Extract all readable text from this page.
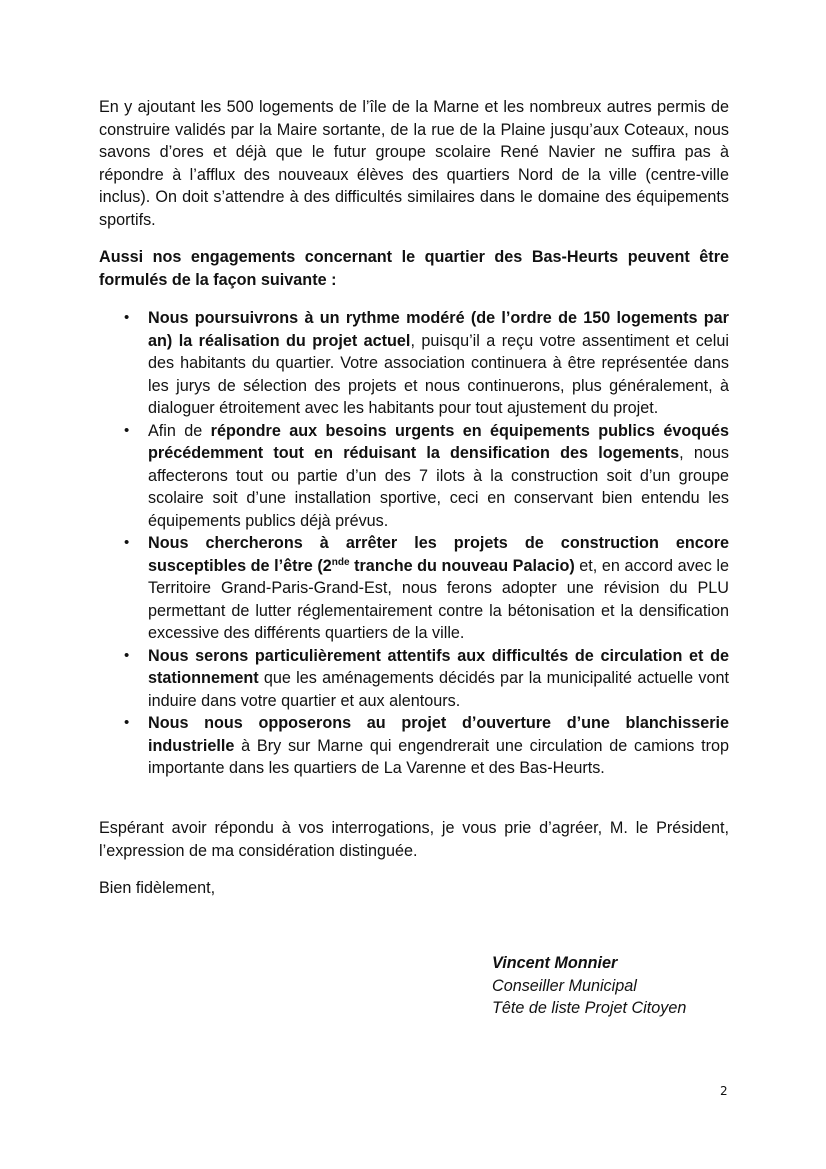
En y ajoutant les 500 logements de l’île de la Marne et les nombreux autres permis de construire validés par la Maire sortante, de la rue de la Plaine jusqu’aux Coteaux, nous savons d’ores et déjà que le futur groupe scolaire René Navier ne suffira pas à répondre à l’afflux des nouveaux élèves des quartiers Nord de la ville (centre-ville inclus). On doit s’attendre à des difficultés similaires dans le domaine des équipements sportifs.

Aussi nos engagements concernant le quartier des Bas-Heurts peuvent être formulés de la façon suivante :

• Nous poursuivrons à un rythme modéré (de l’ordre de 150 logements par an) la réalisation du projet actuel, puisqu’il a reçu votre assentiment et celui des habitants du quartier. Votre association continuera à être représentée dans les jurys de sélection des projets et nous continuerons, plus généralement, à dialoguer étroitement avec les habitants pour tout ajustement du projet.
• Afin de répondre aux besoins urgents en équipements publics évoqués précédemment tout en réduisant la densification des logements, nous affecterons tout ou partie d’un des 7 ilots à la construction soit d’un groupe scolaire soit d’une installation sportive, ceci en conservant bien entendu les équipements publics déjà prévus.
• Nous chercherons à arrêter les projets de construction encore susceptibles de l’être (2nde tranche du nouveau Palacio) et, en accord avec le Territoire Grand-Paris-Grand-Est, nous ferons adopter une révision du PLU permettant de lutter réglementairement contre la bétonisation et la densification excessive des différents quartiers de la ville.
• Nous serons particulièrement attentifs aux difficultés de circulation et de stationnement que les aménagements décidés par la municipalité actuelle vont induire dans votre quartier et aux alentours.
• Nous nous opposerons au projet d’ouverture d’une blanchisserie industrielle à Bry sur Marne qui engendrerait une circulation de camions trop importante dans les quartiers de La Varenne et des Bas-Heurts.

Espérant avoir répondu à vos interrogations, je vous prie d’agréer, M. le Président, l’expression de ma considération distinguée.

Bien fidèlement,

Vincent Monnier
Conseiller Municipal
Tête de liste Projet Citoyen
2
